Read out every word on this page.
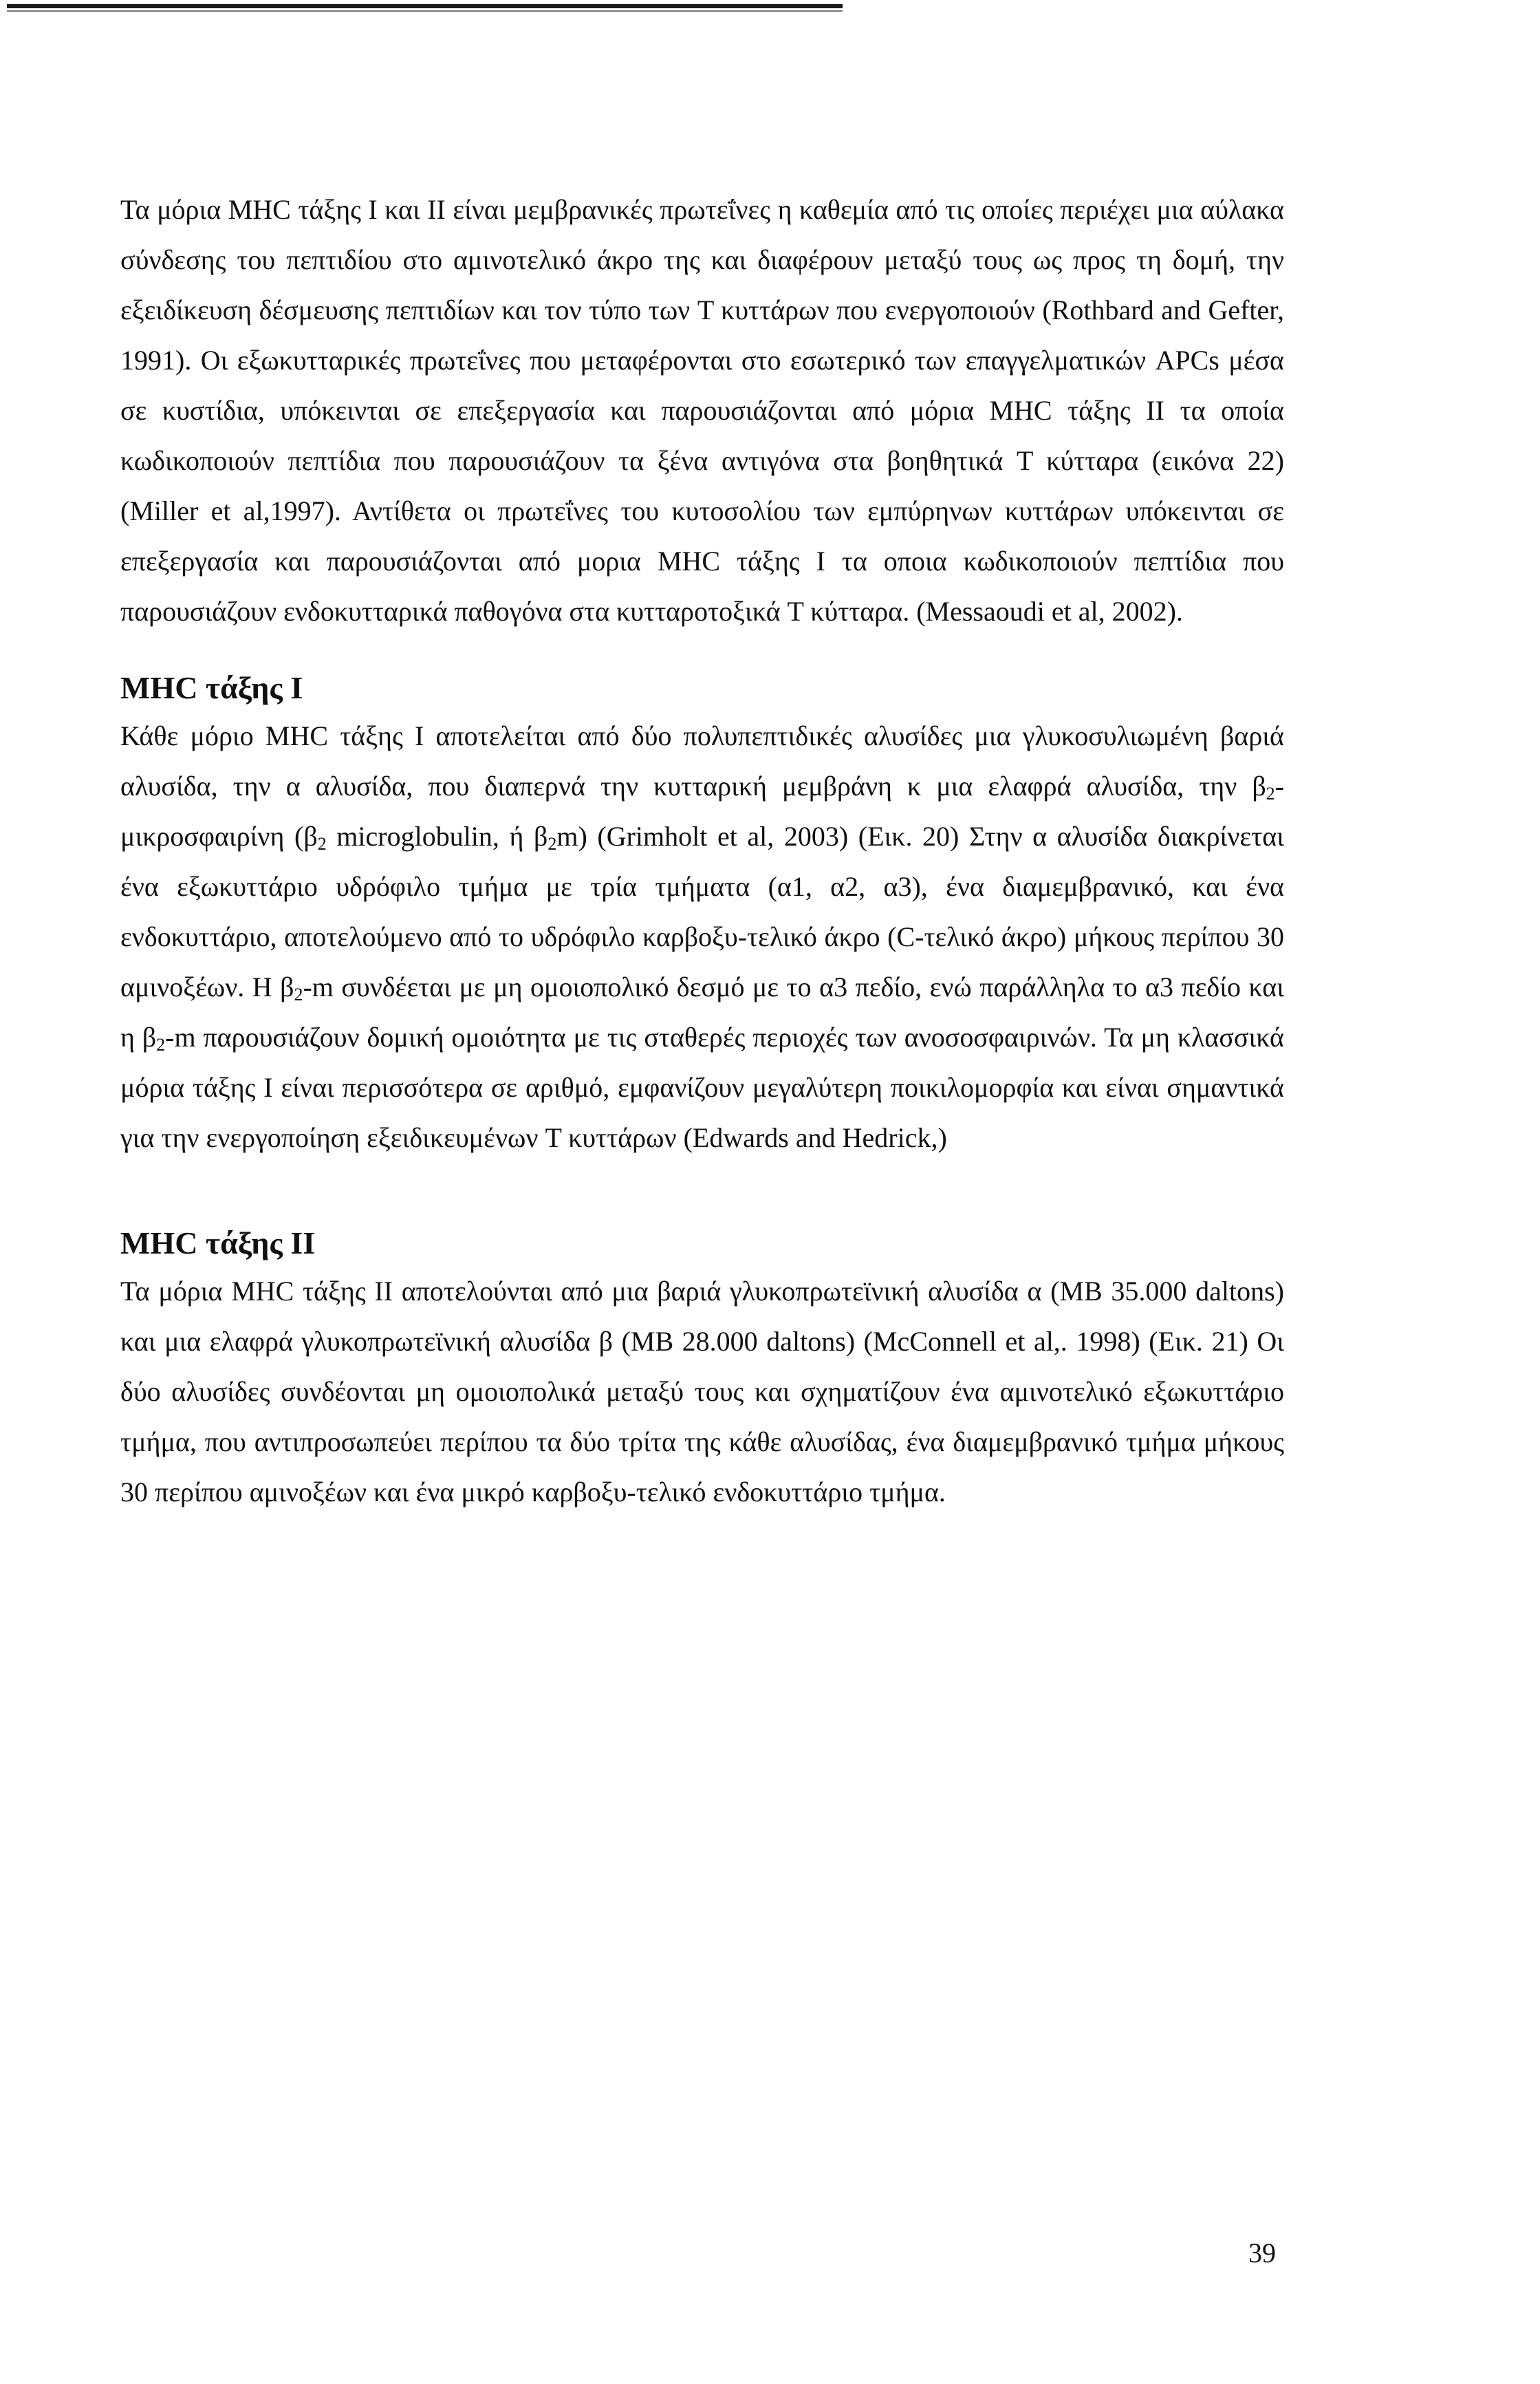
Τα μόρια MHC τάξης I και II είναι μεμβρανικές πρωτεΐνες η καθεμία από τις οποίες περιέχει μια αύλακα σύνδεσης του πεπτιδίου στο αμινοτελικό άκρο της και διαφέρουν μεταξύ τους ως προς τη δομή, την εξειδίκευση δέσμευσης πεπτιδίων και τον τύπο των T κυττάρων που ενεργοποιούν (Rothbard and Gefter, 1991). Οι εξωκυτταρικές πρωτεΐνες που μεταφέρονται στο εσωτερικό των επαγγελματικών APCs μέσα σε κυστίδια, υπόκεινται σε επεξεργασία και παρουσιάζονται από μόρια MHC τάξης II τα οποία κωδικοποιούν πεπτίδια που παρουσιάζουν τα ξένα αντιγόνα στα βοηθητικά T κύτταρα (εικόνα 22) (Miller et al,1997). Αντίθετα οι πρωτεΐνες του κυτοσολίου των εμπύρηνων κυττάρων υπόκεινται σε επεξεργασία και παρουσιάζονται από μορια MHC τάξης I τα οποια κωδικοποιούν πεπτίδια που παρουσιάζουν ενδοκυτταρικά παθογόνα στα κυτταροτοξικά T κύτταρα. (Messaoudi et al, 2002).

MHC τάξης I

Κάθε μόριο MHC τάξης I αποτελείται από δύο πολυπεπτιδικές αλυσίδες μια γλυκοσυλιωμένη βαριά αλυσίδα, την α αλυσίδα, που διαπερνά την κυτταρική μεμβράνη κ μια ελαφρά αλυσίδα, την $\beta_2$-μικροσφαιρίνη ($\beta_2$ microglobulin, ή $\beta_2m$) (Grimholt et al, 2003) (Εικ. 20) Στην α αλυσίδα διακρίνεται ένα εξωκυττάριο υδρόφιλο τμήμα με τρία τμήματα (α1, α2, α3), ένα διαμεμβρανικό, και ένα ενδοκυττάριο, αποτελούμενο από το υδρόφιλο καρβοξυ-τελικό άκρο (C-τελικό άκρο) μήκους περίπου 30 αμινοξέων. Η $\beta_2-m$ συνδέεται με μη ομοιοπολικό δεσμό με το α3 πεδίο, ενώ παράλληλα το α3 πεδίο και η $\beta_2-m$ παρουσιάζουν δομική ομοιότητα με τις σταθερές περιοχές των ανοσοσφαιρινών. Τα μη κλασσικά μόρια τάξης I είναι περισσότερα σε αριθμό, εμφανίζουν μεγαλύτερη ποικιλομορφία και είναι σημαντικά για την ενεργοποίηση εξειδικευμένων T κυττάρων (Edwards and Hedrick,)

MHC τάξης II

Τα μόρια MHC τάξης II αποτελούνται από μια βαριά γλυκοπρωτεϊνική αλυσίδα α (MB 35.000 daltons) και μια ελαφρά γλυκοπρωτεϊνική αλυσίδα β (MB 28.000 daltons) (McConnell et al,. 1998) (Εικ. 21) Οι δύο αλυσίδες συνδέονται μη ομοιοπολικά μεταξύ τους και σχηματίζουν ένα αμινοτελικό εξωκυττάριο τμήμα, που αντιπροσωπεύει περίπου τα δύο τρίτα της κάθε αλυσίδας, ένα διαμεμβρανικό τμήμα μήκους 30 περίπου αμινοξέων και ένα μικρό καρβοξυ-τελικό ενδοκυττάριο τμήμα.

39
